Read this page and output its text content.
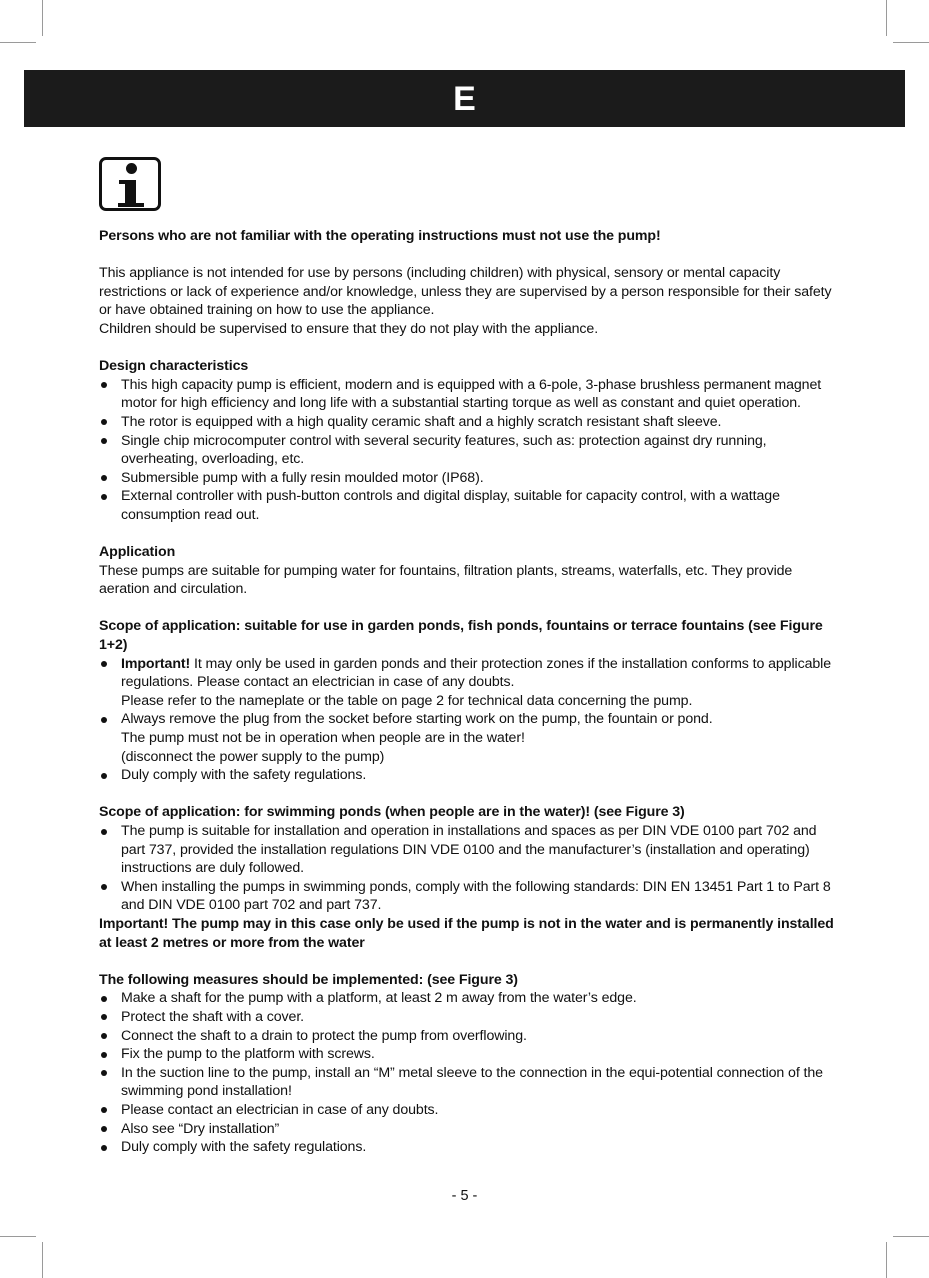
E

Persons who are not familiar with the operating instructions must not use the pump!

This appliance is not intended for use by persons (including children) with physical, sensory or mental capacity restrictions or lack of experience and/or knowledge, unless they are supervised by a person responsible for their safety or have obtained training on how to use the appliance.

Children should be supervised to ensure that they do not play with the appliance.

Design characteristics

This high capacity pump is efficient, modern and is equipped with a 6-pole, 3-phase brushless permanent magnet motor for high efficiency and long life with a substantial starting torque as well as constant and quiet operation.
The rotor is equipped with a high quality ceramic shaft and a highly scratch resistant shaft sleeve.
Single chip microcomputer control with several security features, such as: protection against dry running, overheating, overloading, etc.
Submersible pump with a fully resin moulded motor (IP68).
External controller with push-button controls and digital display, suitable for capacity control, with a wattage consumption read out.

Application

These pumps are suitable for pumping water for fountains, filtration plants, streams, waterfalls, etc. They provide aeration and circulation.

Scope of application: suitable for use in garden ponds, fish ponds, fountains or terrace fountains (see Figure 1+2)

Important! It may only be used in garden ponds and their protection zones if the installation conforms to applicable regulations. Please contact an electrician in case of any doubts.
Please refer to the nameplate or the table on page 2 for technical data concerning the pump.
Always remove the plug from the socket before starting work on the pump, the fountain or pond.
The pump must not be in operation when people are in the water!
(disconnect the power supply to the pump)
Duly comply with the safety regulations.

Scope of application: for swimming ponds (when people are in the water)! (see Figure 3)

The pump is suitable for installation and operation in installations and spaces as per DIN VDE 0100 part 702 and part 737, provided the installation regulations DIN VDE 0100 and the manufacturer’s (installation and operating) instructions are duly followed.
When installing the pumps in swimming ponds, comply with the following standards: DIN EN 13451 Part 1 to Part 8 and DIN VDE 0100 part 702 and part 737.

Important! The pump may in this case only be used if the pump is not in the water and is permanently installed at least 2 metres or more from the water

The following measures should be implemented: (see Figure 3)

Make a shaft for the pump with a platform, at least 2 m away from the water’s edge.
Protect the shaft with a cover.
Connect the shaft to a drain to protect the pump from overflowing.
Fix the pump to the platform with screws.
In the suction line to the pump, install an “M” metal sleeve to the connection in the equi-potential connection of the swimming pond installation!
Please contact an electrician in case of any doubts.
Also see “Dry installation”
Duly comply with the safety regulations.
- 5 -
